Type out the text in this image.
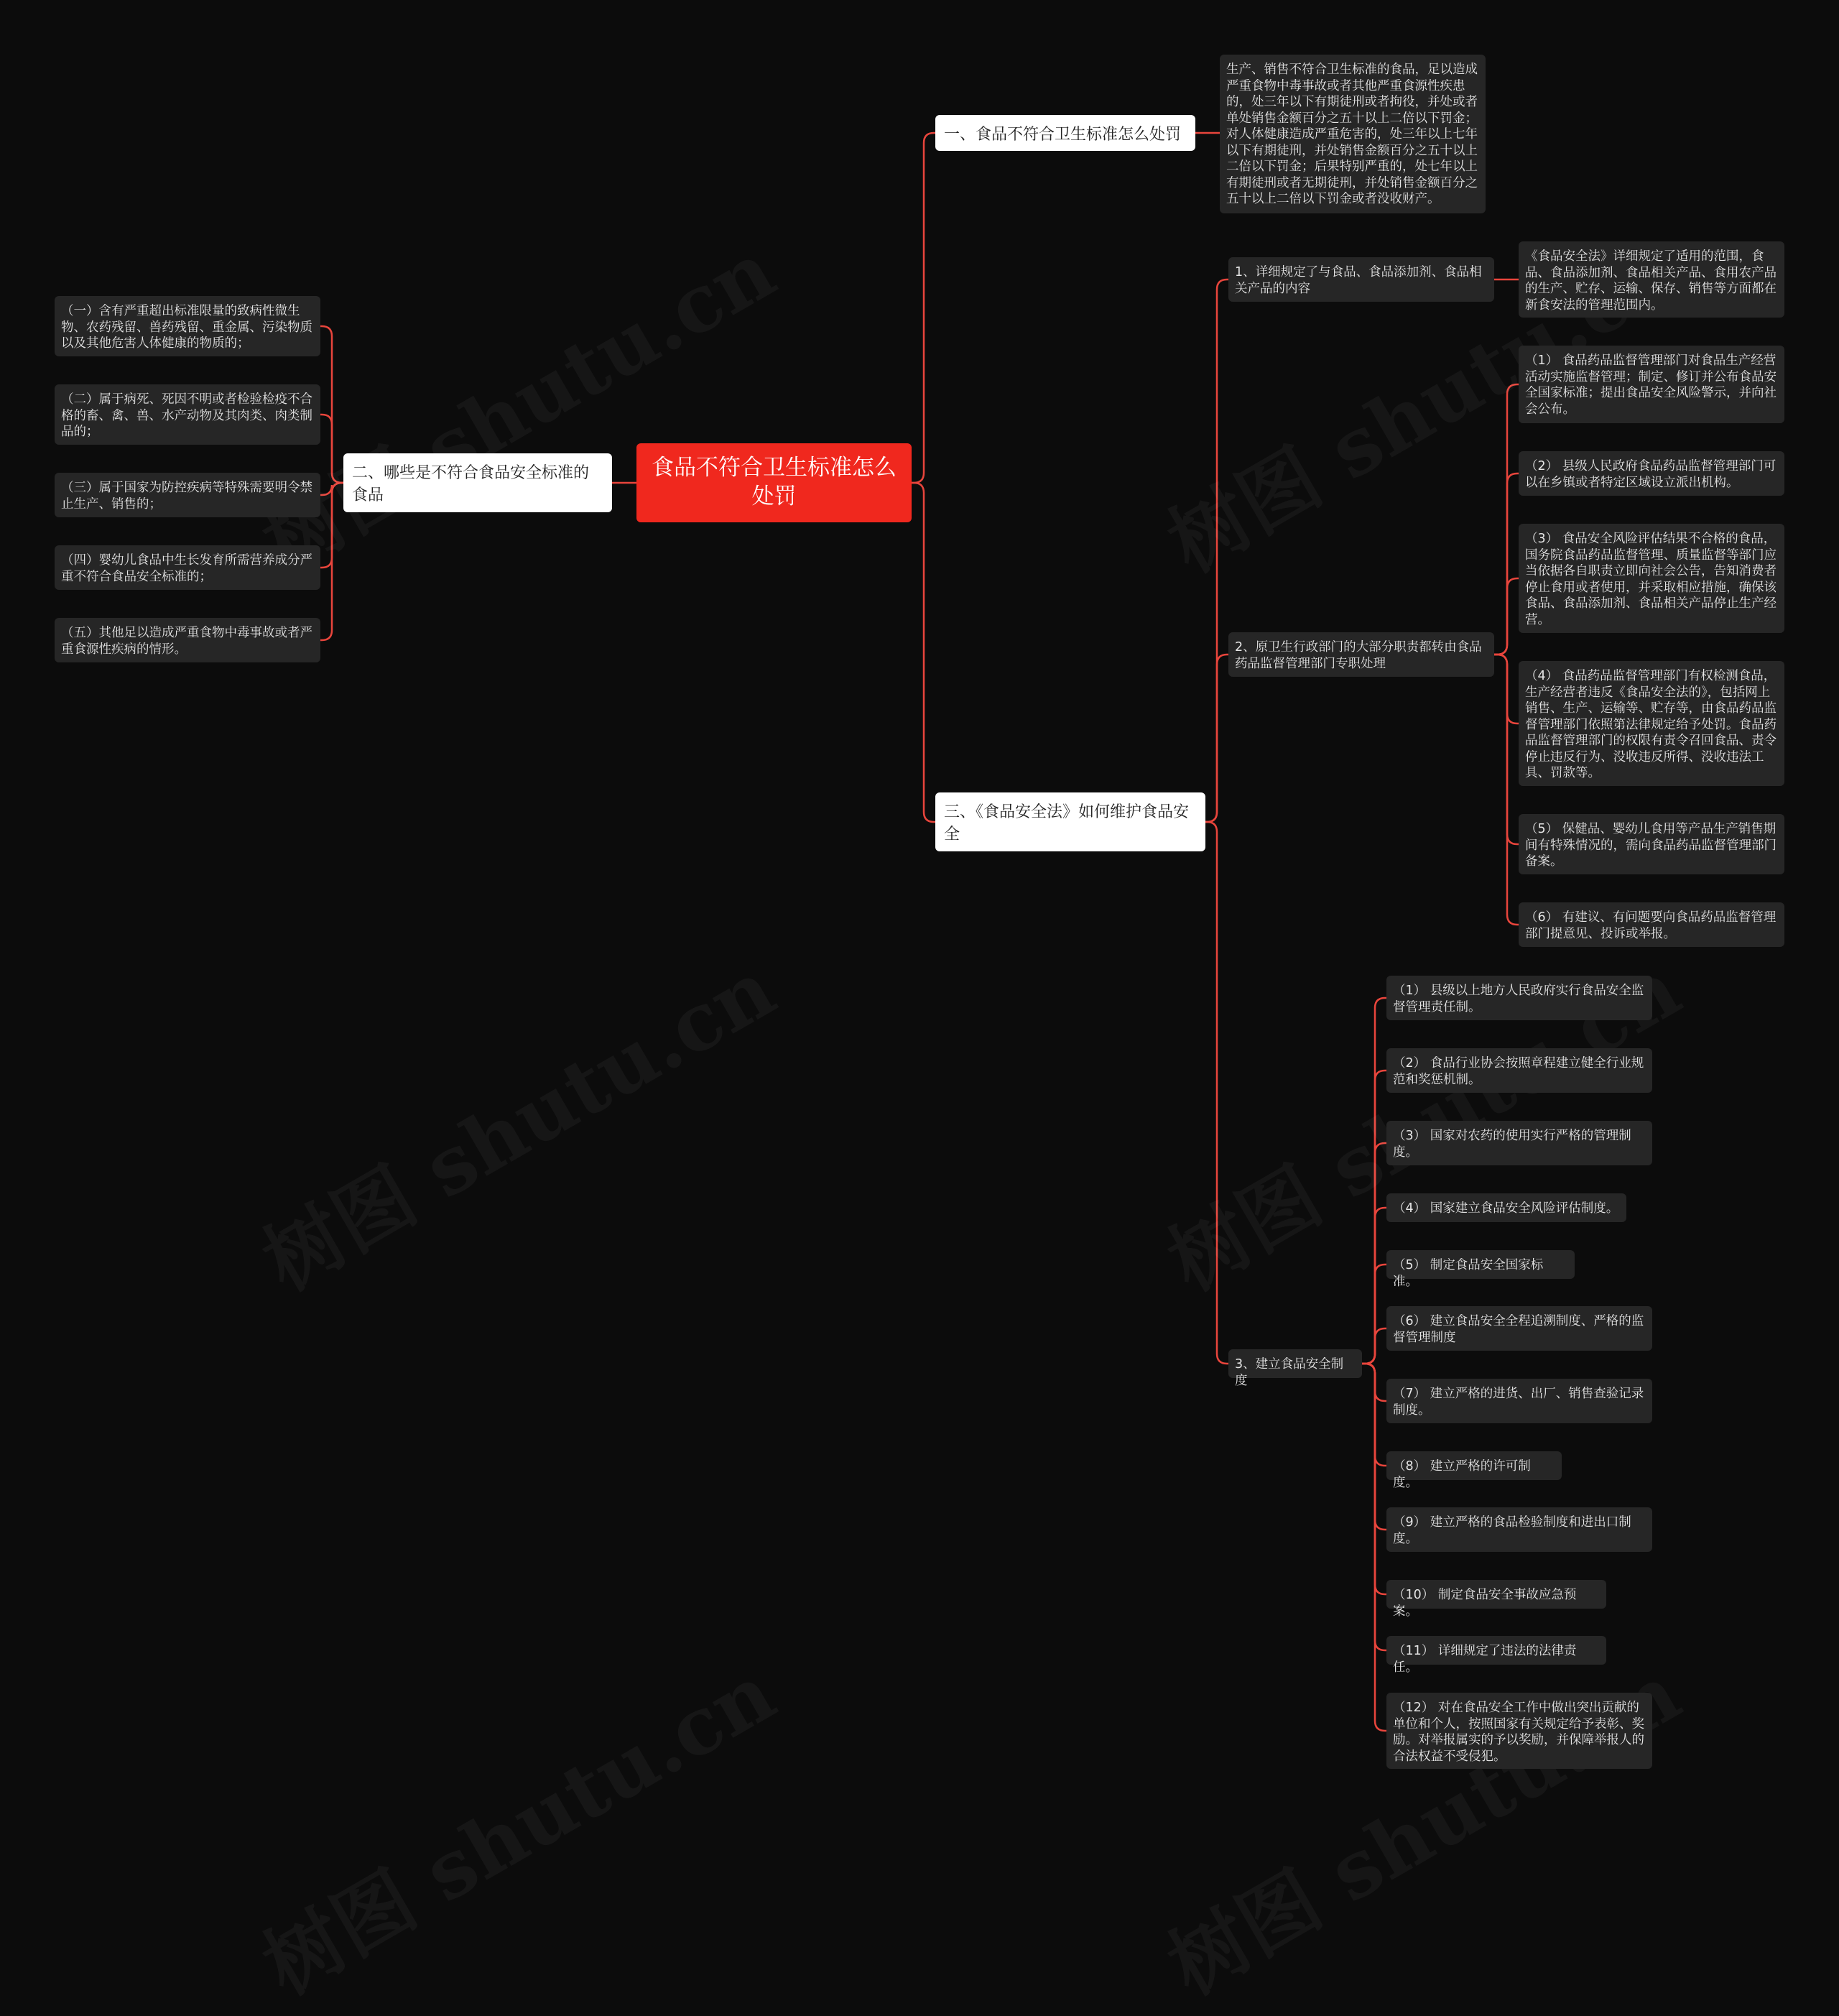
食品不符合卫生标准怎么处罚
一、食品不符合卫生标准怎么处罚
生产、销售不符合卫生标准的食品，足以造成严重食物中毒事故或者其他严重食源性疾患的，处三年以下有期徒刑或者拘役，并处或者单处销售金额百分之五十以上二倍以下罚金；对人体健康造成严重危害的，处三年以上七年以下有期徒刑，并处销售金额百分之五十以上二倍以下罚金；后果特别严重的，处七年以上有期徒刑或者无期徒刑，并处销售金额百分之五十以上二倍以下罚金或者没收财产。
二、哪些是不符合食品安全标准的食品
（一）含有严重超出标准限量的致病性微生物、农药残留、兽药残留、重金属、污染物质以及其他危害人体健康的物质的；
（二）属于病死、死因不明或者检验检疫不合格的畜、禽、兽、水产动物及其肉类、肉类制品的；
（三）属于国家为防控疾病等特殊需要明令禁止生产、销售的；
（四）婴幼儿食品中生长发育所需营养成分严重不符合食品安全标准的；
（五）其他足以造成严重食物中毒事故或者严重食源性疾病的情形。
三、《食品安全法》如何维护食品安全
1、详细规定了与食品、食品添加剂、食品相关产品的内容
《食品安全法》详细规定了适用的范围，食品、食品添加剂、食品相关产品、食用农产品的生产、贮存、运输、保存、销售等方面都在新食安法的管理范围内。
2、原卫生行政部门的大部分职责都转由食品药品监督管理部门专职处理
（1） 食品药品监督管理部门对食品生产经营活动实施监督管理；制定、修订并公布食品安全国家标准；提出食品安全风险警示，并向社会公布。
（2） 县级人民政府食品药品监督管理部门可以在乡镇或者特定区域设立派出机构。
（3） 食品安全风险评估结果不合格的食品，国务院食品药品监督管理、质量监督等部门应当依据各自职责立即向社会公告，告知消费者停止食用或者使用，并采取相应措施，确保该食品、食品添加剂、食品相关产品停止生产经营。
（4） 食品药品监督管理部门有权检测食品，生产经营者违反《食品安全法的》，包括网上销售、生产、运输等、贮存等，由食品药品监督管理部门依照第法律规定给予处罚。食品药品监督管理部门的权限有责令召回食品、责令停止违反行为、没收违反所得、没收违法工具、罚款等。
（5） 保健品、婴幼儿食用等产品生产销售期间有特殊情况的，需向食品药品监督管理部门备案。
（6） 有建议、有问题要向食品药品监督管理部门提意见、投诉或举报。
3、建立食品安全制度
（1） 县级以上地方人民政府实行食品安全监督管理责任制。
（2） 食品行业协会按照章程建立健全行业规范和奖惩机制。
（3） 国家对农药的使用实行严格的管理制度。
（4） 国家建立食品安全风险评估制度。
（5） 制定食品安全国家标准。
（6） 建立食品安全全程追溯制度、严格的监督管理制度
（7） 建立严格的进货、出厂、销售查验记录制度。
（8） 建立严格的许可制度。
（9） 建立严格的食品检验制度和进出口制度。
（10） 制定食品安全事故应急预案。
（11） 详细规定了违法的法律责任。
（12） 对在食品安全工作中做出突出贡献的单位和个人，按照国家有关规定给予表彰、奖励。对举报属实的予以奖励，并保障举报人的合法权益不受侵犯。
